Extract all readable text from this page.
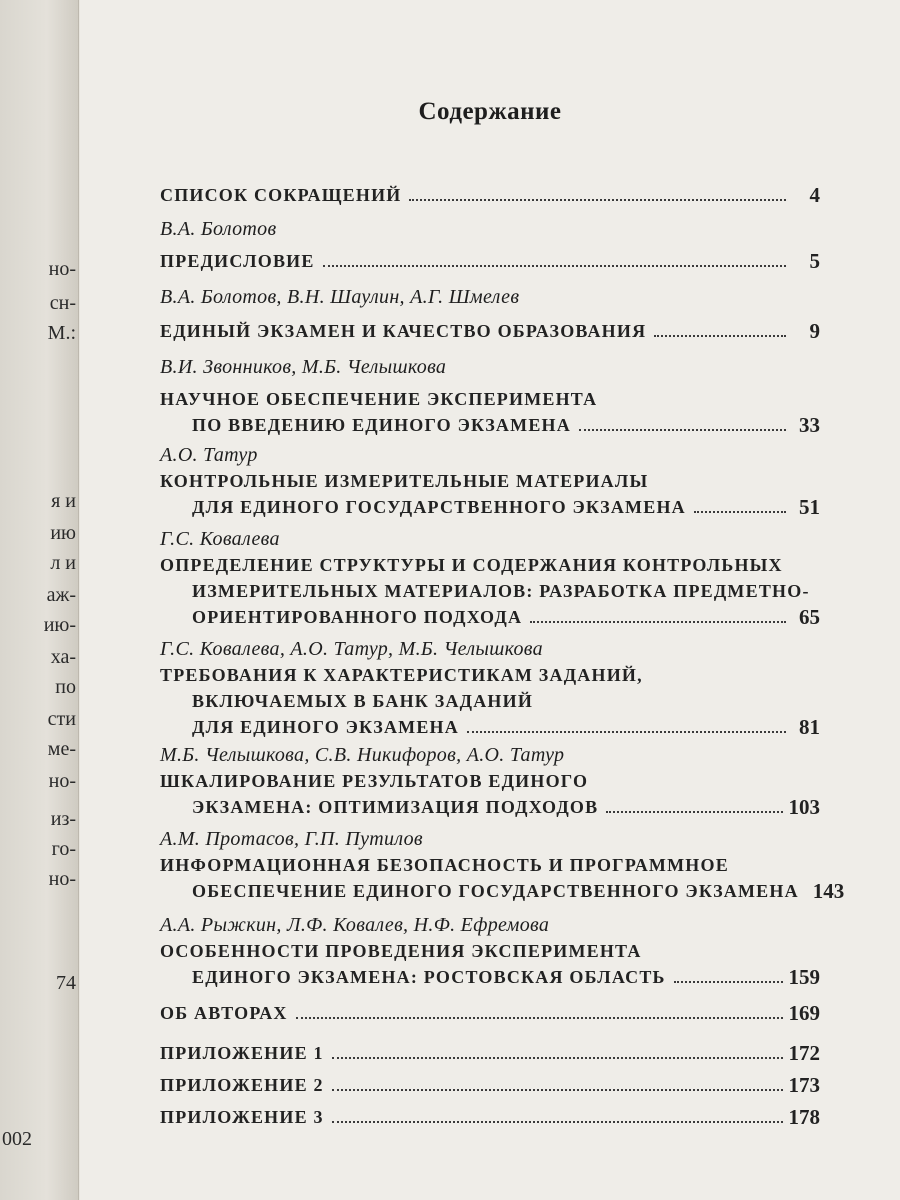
но-
сн-
М.:
я и
ию
л и
аж-
ию-
ха-
по
сти
ме-
но-
из-
го-
но-
74
002
Содержание
СПИСОК СОКРАЩЕНИЙ	4
В.А. Болотов
ПРЕДИСЛОВИЕ	5
В.А. Болотов, В.Н. Шаулин, А.Г. Шмелев
ЕДИНЫЙ ЭКЗАМЕН И КАЧЕСТВО ОБРАЗОВАНИЯ	9
В.И. Звонников, М.Б. Челышкова
НАУЧНОЕ ОБЕСПЕЧЕНИЕ ЭКСПЕРИМЕНТА
ПО ВВЕДЕНИЮ ЕДИНОГО ЭКЗАМЕНА	33
А.О. Татур
КОНТРОЛЬНЫЕ ИЗМЕРИТЕЛЬНЫЕ МАТЕРИАЛЫ
ДЛЯ ЕДИНОГО ГОСУДАРСТВЕННОГО ЭКЗАМЕНА	51
Г.С. Ковалева
ОПРЕДЕЛЕНИЕ СТРУКТУРЫ И СОДЕРЖАНИЯ КОНТРОЛЬНЫХ
ИЗМЕРИТЕЛЬНЫХ МАТЕРИАЛОВ: РАЗРАБОТКА ПРЕДМЕТНО-
ОРИЕНТИРОВАННОГО ПОДХОДА	65
Г.С. Ковалева, А.О. Татур, М.Б. Челышкова
ТРЕБОВАНИЯ К ХАРАКТЕРИСТИКАМ ЗАДАНИЙ,
ВКЛЮЧАЕМЫХ В БАНК ЗАДАНИЙ
ДЛЯ ЕДИНОГО ЭКЗАМЕНА	81
М.Б. Челышкова, С.В. Никифоров, А.О. Татур
ШКАЛИРОВАНИЕ РЕЗУЛЬТАТОВ ЕДИНОГО
ЭКЗАМЕНА: ОПТИМИЗАЦИЯ ПОДХОДОВ	103
А.М. Протасов, Г.П. Путилов
ИНФОРМАЦИОННАЯ БЕЗОПАСНОСТЬ И ПРОГРАММНОЕ
ОБЕСПЕЧЕНИЕ ЕДИНОГО ГОСУДАРСТВЕННОГО ЭКЗАМЕНА 143
А.А. Рыжкин, Л.Ф. Ковалев, Н.Ф. Ефремова
ОСОБЕННОСТИ ПРОВЕДЕНИЯ ЭКСПЕРИМЕНТА
ЕДИНОГО ЭКЗАМЕНА: РОСТОВСКАЯ ОБЛАСТЬ	159
ОБ АВТОРАХ	169
ПРИЛОЖЕНИЕ 1	172
ПРИЛОЖЕНИЕ 2	173
ПРИЛОЖЕНИЕ 3	178
